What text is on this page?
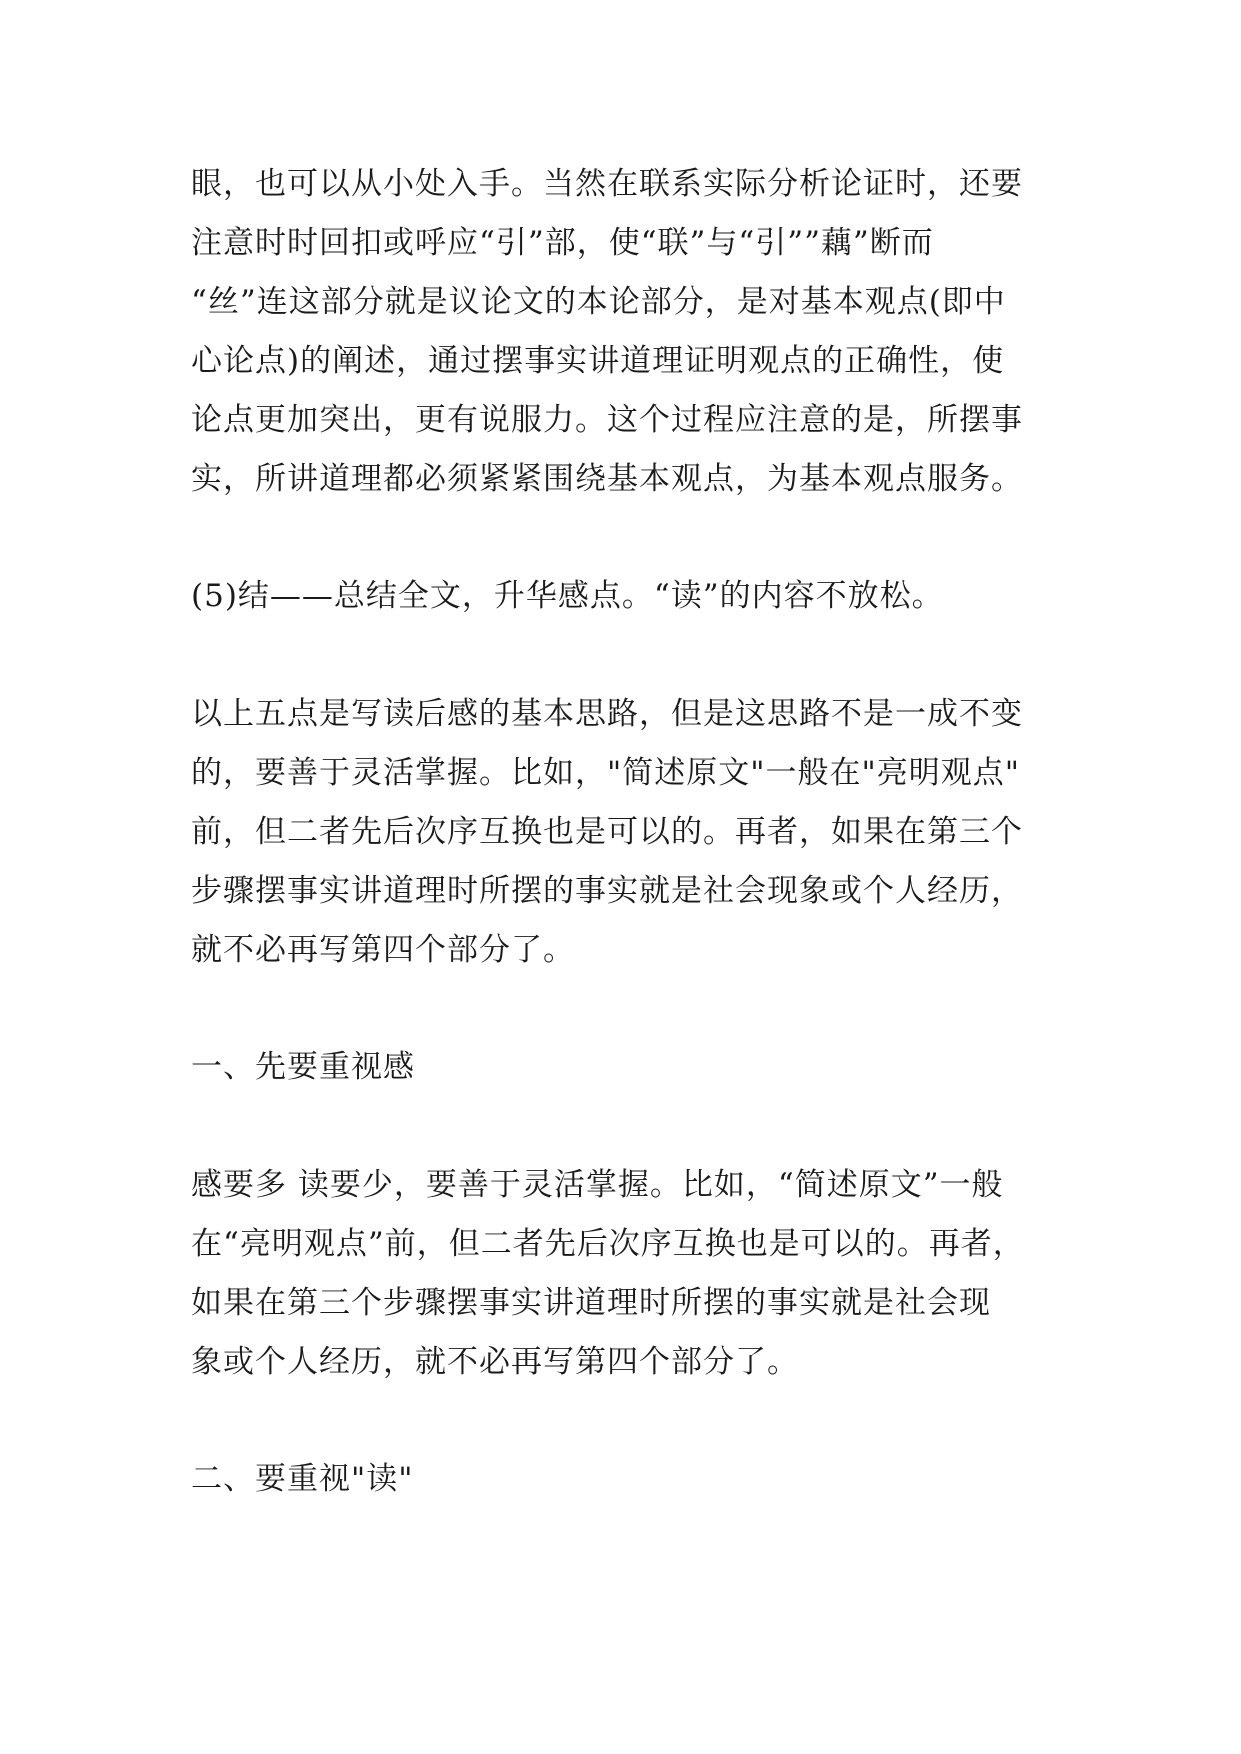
眼，也可以从小处入手。当然在联系实际分析论证时，还要
注意时时回扣或呼应“引”部，使“联”与“引””藕”断而
“丝”连这部分就是议论文的本论部分，是对基本观点(即中
心论点)的阐述，通过摆事实讲道理证明观点的正确性，使
论点更加突出，更有说服力。这个过程应注意的是，所摆事
实，所讲道理都必须紧紧围绕基本观点，为基本观点服务。
(5)结——总结全文，升华感点。“读”的内容不放松。
以上五点是写读后感的基本思路，但是这思路不是一成不变
的，要善于灵活掌握。比如，"简述原文"一般在"亮明观点"
前，但二者先后次序互换也是可以的。再者，如果在第三个
步骤摆事实讲道理时所摆的事实就是社会现象或个人经历，
就不必再写第四个部分了。
一、先要重视感
感要多 读要少，要善于灵活掌握。比如，“简述原文”一般
在“亮明观点”前，但二者先后次序互换也是可以的。再者，
如果在第三个步骤摆事实讲道理时所摆的事实就是社会现
象或个人经历，就不必再写第四个部分了。
二、要重视"读"
